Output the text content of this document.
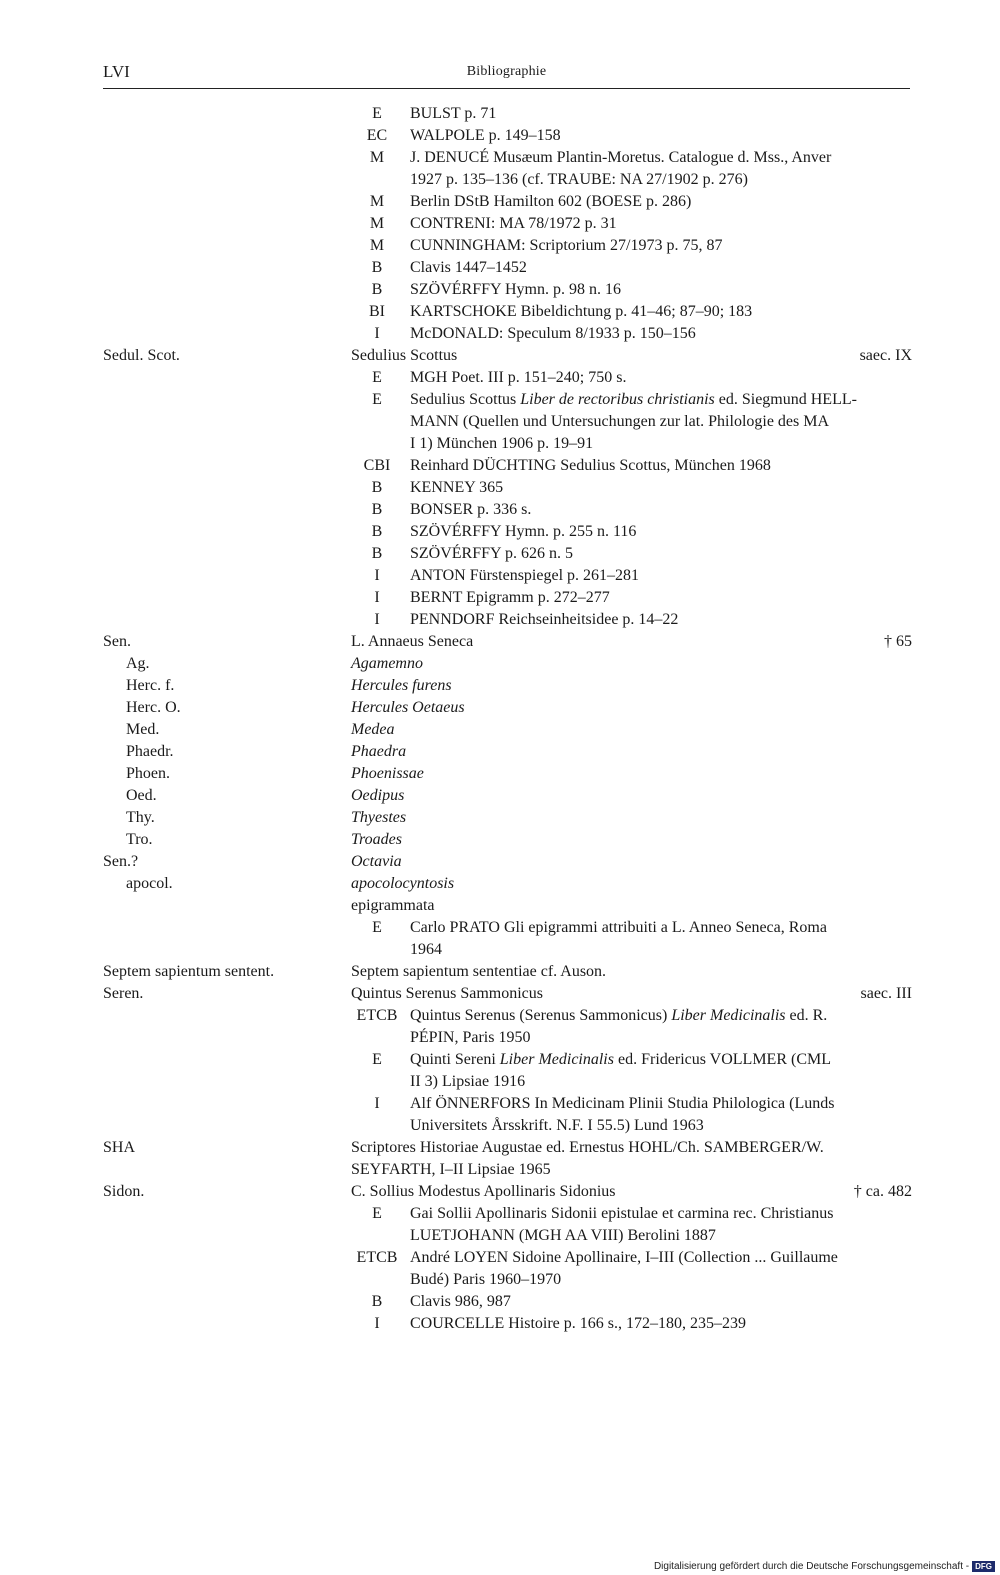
LVI	Bibliographie
E	BULST p. 71
EC	WALPOLE p. 149–158
M	J. DENUCÉ Musæum Plantin-Moretus. Catalogue d. Mss., Anver
1927 p. 135–136 (cf. TRAUBE: NA 27/1902 p. 276)
M	Berlin DStB Hamilton 602 (BOESE p. 286)
M	CONTRENI: MA 78/1972 p. 31
M	CUNNINGHAM: Scriptorium 27/1973 p. 75, 87
B	Clavis 1447–1452
B	SZÖVÉRFFY Hymn. p. 98 n. 16
BI	KARTSCHOKE Bibeldichtung p. 41–46; 87–90; 183
I	McDONALD: Speculum 8/1933 p. 150–156
Sedul. Scot.	Sedulius Scottus	saec. IX
E	MGH Poet. III p. 151–240; 750 s.
E	Sedulius Scottus Liber de rectoribus christianis ed. Siegmund HELL-
MANN (Quellen und Untersuchungen zur lat. Philologie des MA
I 1) München 1906 p. 19–91
CBI	Reinhard DÜCHTING Sedulius Scottus, München 1968
B	KENNEY 365
B	BONSER p. 336 s.
B	SZÖVÉRFFY Hymn. p. 255 n. 116
B	SZÖVÉRFFY p. 626 n. 5
I	ANTON Fürstenspiegel p. 261–281
I	BERNT Epigramm p. 272–277
I	PENNDORF Reichseinheitsidee p. 14–22
Sen.	L. Annaeus Seneca	† 65
Ag.	Agamemno
Herc. f.	Hercules furens
Herc. O.	Hercules Oetaeus
Med.	Medea
Phaedr.	Phaedra
Phoen.	Phoenissae
Oed.	Oedipus
Thy.	Thyestes
Tro.	Troades
Sen.?	Octavia
apocol.	apocolocyntosis
epigrammata
E	Carlo PRATO Gli epigrammi attribuiti a L. Anneo Seneca, Roma
1964
Septem sapientum sentent.	Septem sapientum sententiae cf. Auson.
Seren.	Quintus Serenus Sammonicus	saec. III
ETCB Quintus Serenus (Serenus Sammonicus) Liber Medicinalis ed. R.
PÉPIN, Paris 1950
E	Quinti Sereni Liber Medicinalis ed. Fridericus VOLLMER (CML
II 3) Lipsiae 1916
I	Alf ÖNNERFORS In Medicinam Plinii Studia Philologica (Lunds
Universitets Årsskrift. N.F. I 55.5) Lund 1963
SHA	Scriptores Historiae Augustae ed. Ernestus HOHL/Ch. SAMBERGER/W.
SEYFARTH, I–II Lipsiae 1965
Sidon.	C. Sollius Modestus Apollinaris Sidonius	† ca. 482
E	Gai Sollii Apollinaris Sidonii epistulae et carmina rec. Christianus
LUETJOHANN (MGH AA VIII) Berolini 1887
ETCB André LOYEN Sidoine Apollinaire, I–III (Collection ... Guillaume
Budé) Paris 1960–1970
B	Clavis 986, 987
I	COURCELLE Histoire p. 166 s., 172–180, 235–239
Digitalisierung gefördert durch die Deutsche Forschungsgemeinschaft - DFG
